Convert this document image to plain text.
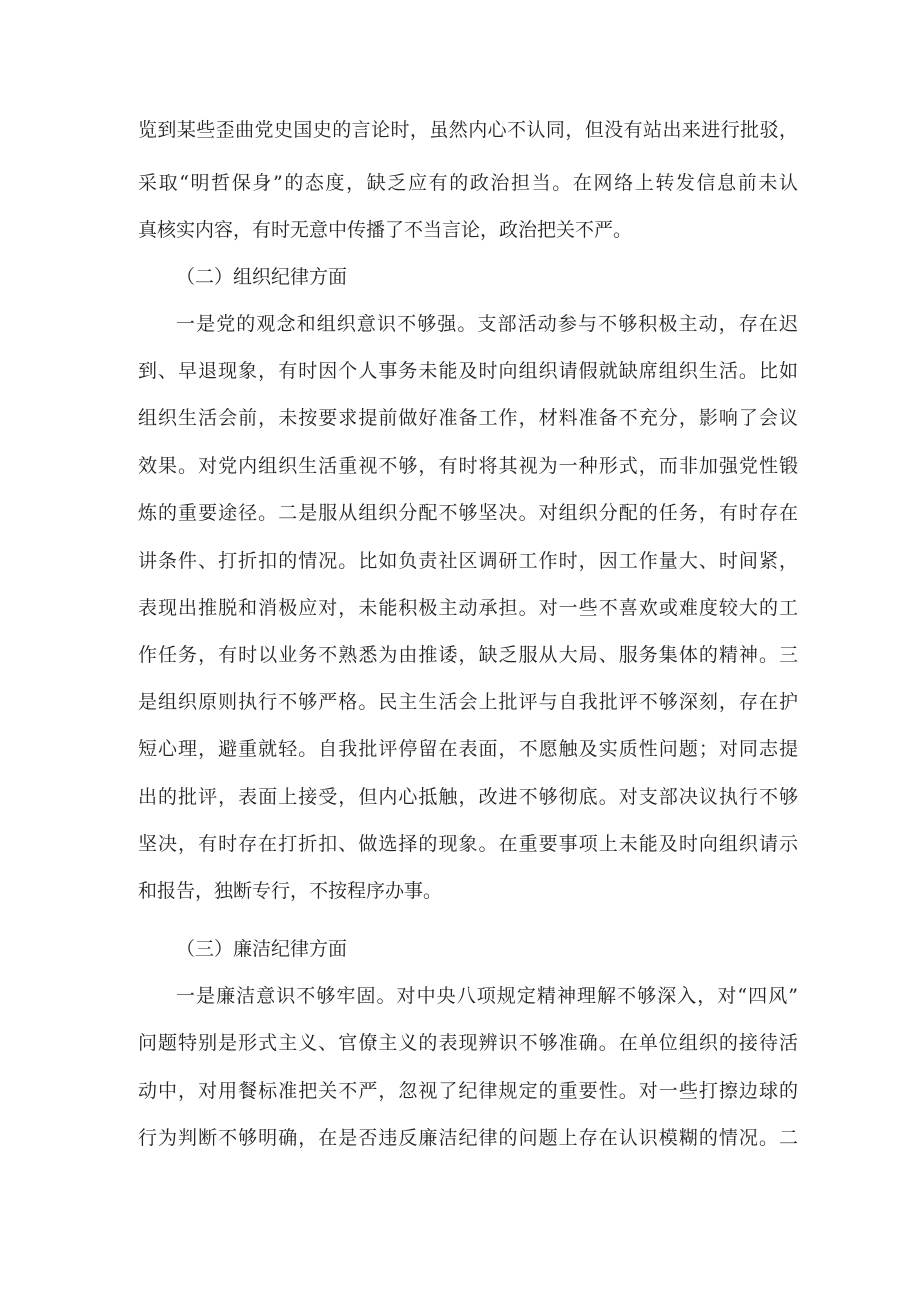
览到某些歪曲党史国史的言论时，虽然内心不认同，但没有站出来进行批驳，
采取“明哲保身”的态度，缺乏应有的政治担当。在网络上转发信息前未认
真核实内容，有时无意中传播了不当言论，政治把关不严。
（二）组织纪律方面
一是党的观念和组织意识不够强。支部活动参与不够积极主动，存在迟
到、早退现象，有时因个人事务未能及时向组织请假就缺席组织生活。比如
组织生活会前，未按要求提前做好准备工作，材料准备不充分，影响了会议
效果。对党内组织生活重视不够，有时将其视为一种形式，而非加强党性锻
炼的重要途径。二是服从组织分配不够坚决。对组织分配的任务，有时存在
讲条件、打折扣的情况。比如负责社区调研工作时，因工作量大、时间紧，
表现出推脱和消极应对，未能积极主动承担。对一些不喜欢或难度较大的工
作任务，有时以业务不熟悉为由推诿，缺乏服从大局、服务集体的精神。三
是组织原则执行不够严格。民主生活会上批评与自我批评不够深刻，存在护
短心理，避重就轻。自我批评停留在表面，不愿触及实质性问题；对同志提
出的批评，表面上接受，但内心抵触，改进不够彻底。对支部决议执行不够
坚决，有时存在打折扣、做选择的现象。在重要事项上未能及时向组织请示
和报告，独断专行，不按程序办事。
（三）廉洁纪律方面
一是廉洁意识不够牢固。对中央八项规定精神理解不够深入，对“四风”
问题特别是形式主义、官僚主义的表现辨识不够准确。在单位组织的接待活
动中，对用餐标准把关不严，忽视了纪律规定的重要性。对一些打擦边球的
行为判断不够明确，在是否违反廉洁纪律的问题上存在认识模糊的情况。二
